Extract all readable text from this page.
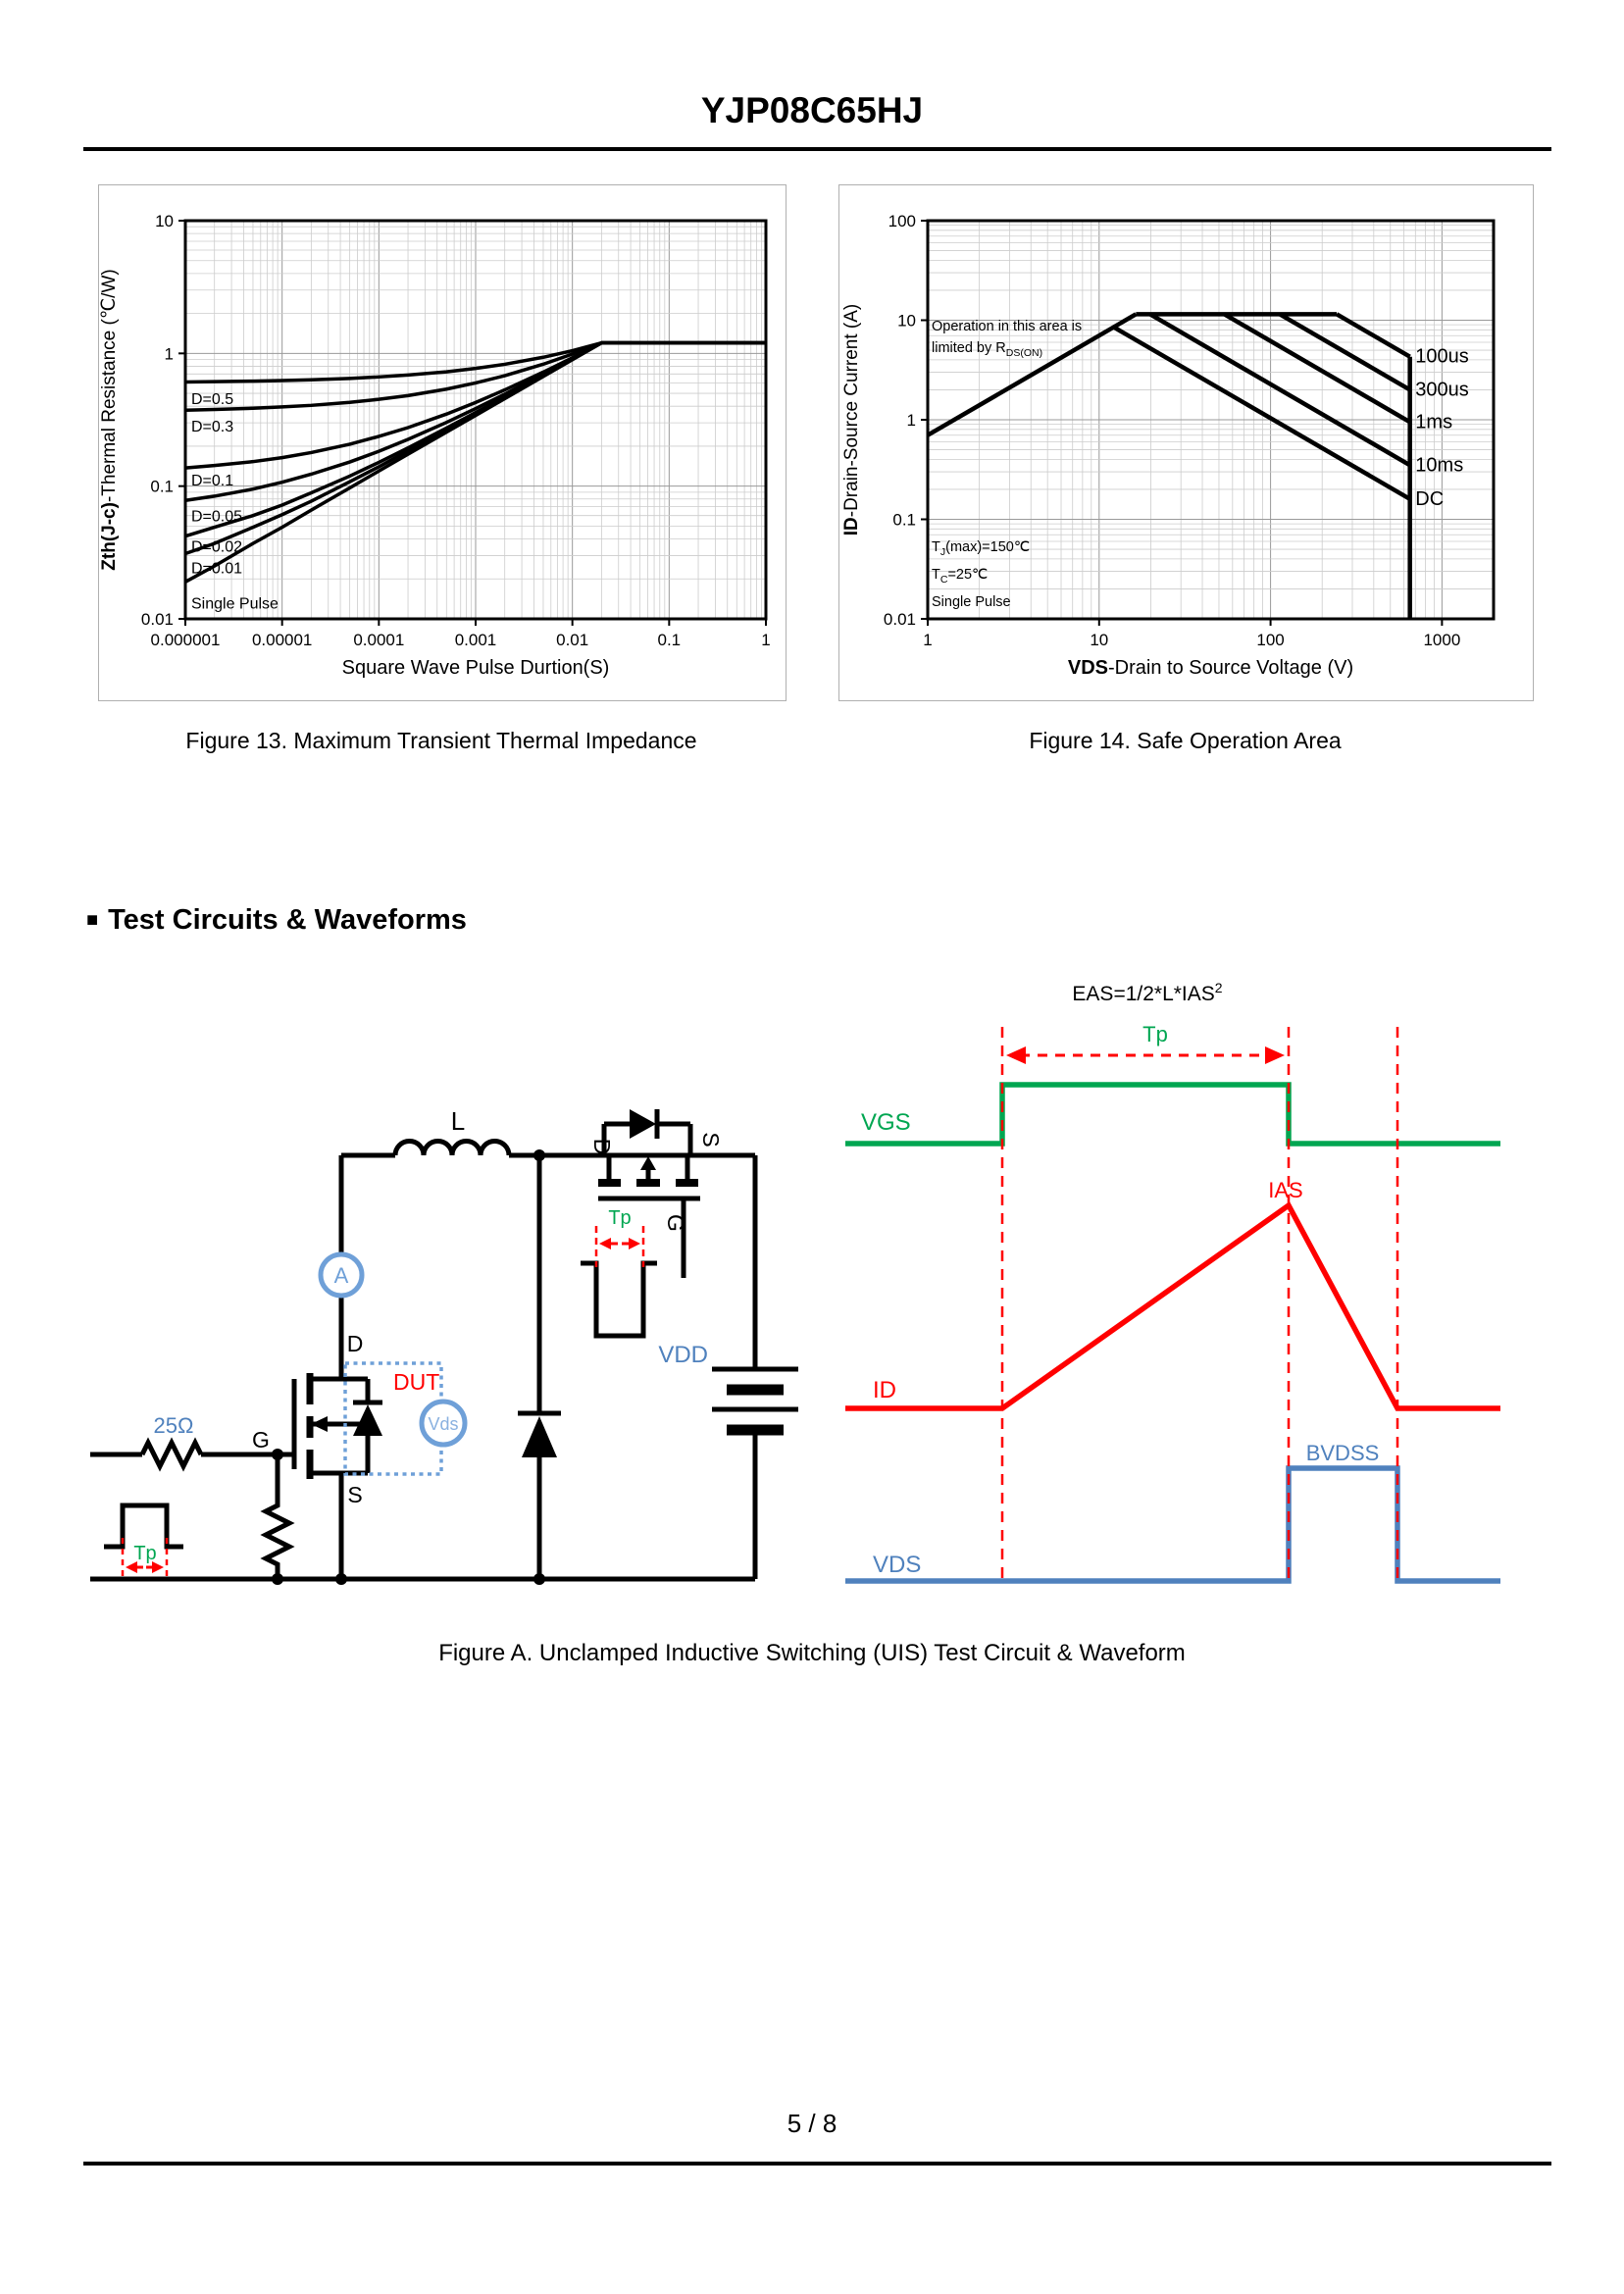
YJP08C65HJ
0.000001 0.00001 0.0001	0.001	0.01	0.1	1
0.01
0.1
1
10
D=0.5
D=0.3
D=0.1
D=0.05
D=0.02
D=0.01
Single Pulse
Square Wave Pulse Durtion(S)
Zth(J-c)-Thermal Resistance (℃/W)
1	10	100	1000
0.01
0.1
1
10
100
100us
300us
1ms
10ms
DC
VDS-Drain to Source Voltage (V)
ID-Drain-Source Current (A)	Operation in this area is
limited by $R_{DS(ON)}$
$T_J(\max)=150℃$
$T_C=25℃$
Single Pulse
Figure 13. Maximum Transient Thermal Impedance	Figure 14. Safe Operation Area
■ Test Circuits & Waveforms
L
A
D
S
G
DUT
Vds
25Ω
VDD
D	S
G
Tp
Tp
$EAS=1/2*L*IAS^2$
Tp
VGS
ID
IAS
VDS
BVDSS
Figure A. Unclamped Inductive Switching (UIS) Test Circuit & Waveform
5 / 8
